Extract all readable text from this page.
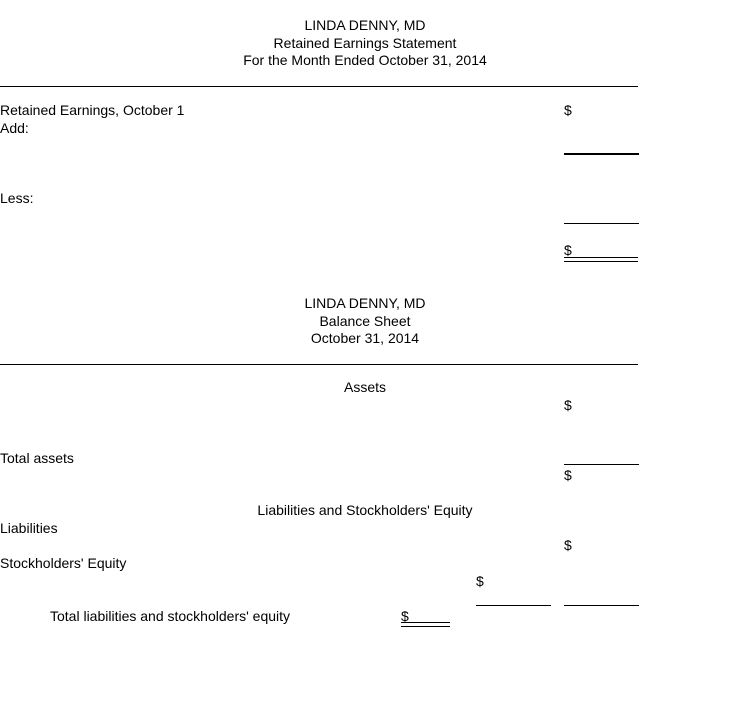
LINDA DENNY, MD
Retained Earnings Statement
For the Month Ended October 31, 2014
Retained Earnings, October 1	$
Add:
Less:
$
LINDA DENNY, MD
Balance Sheet
October 31, 2014
Assets
$
Total assets
$
Liabilities and Stockholders' Equity
Liabilities
$
Stockholders' Equity
$
Total liabilities and stockholders' equity	$
